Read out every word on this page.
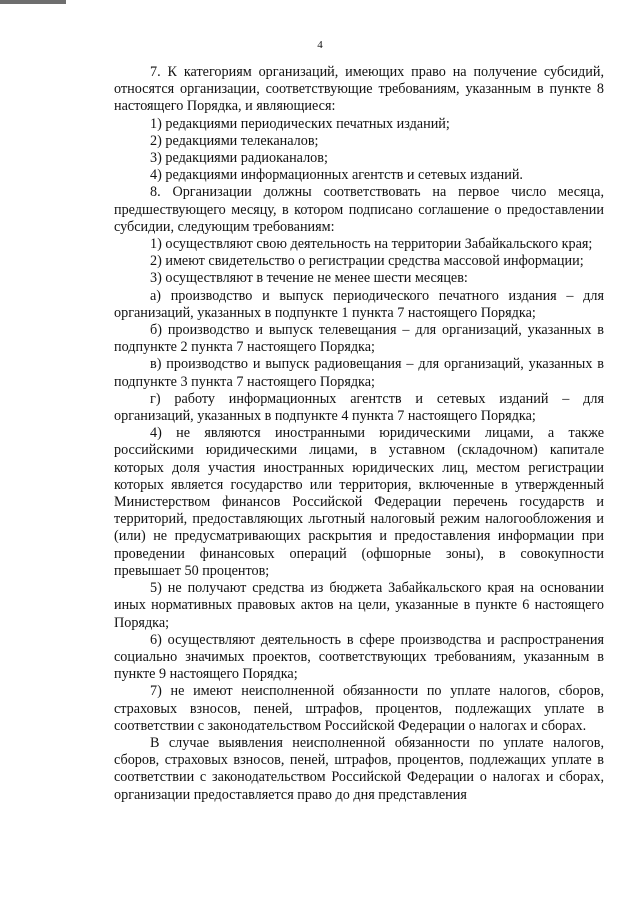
4

7. К категориям организаций, имеющих право на получение субсидий, относятся организации, соответствующие требованиям, указанным в пункте 8 настоящего Порядка, и являющиеся:

1) редакциями периодических печатных изданий;

2) редакциями телеканалов;

3) редакциями радиоканалов;

4) редакциями информационных агентств и сетевых изданий.

8. Организации должны соответствовать на первое число месяца, предшествующего месяцу, в котором подписано соглашение о предоставлении субсидии, следующим требованиям:

1) осуществляют свою деятельность на территории Забайкальского края;

2) имеют свидетельство о регистрации средства массовой информации;

3) осуществляют в течение не менее шести месяцев:

а) производство и выпуск периодического печатного издания – для организаций, указанных в подпункте 1 пункта 7 настоящего Порядка;

б) производство и выпуск телевещания – для организаций, указанных в подпункте 2 пункта 7 настоящего Порядка;

в) производство и выпуск радиовещания – для организаций, указанных в подпункте 3 пункта 7 настоящего Порядка;

г) работу информационных агентств и сетевых изданий – для организаций, указанных в подпункте 4 пункта 7 настоящего Порядка;

4) не являются иностранными юридическими лицами, а также российскими юридическими лицами, в уставном (складочном) капитале которых доля участия иностранных юридических лиц, местом регистрации которых является государство или территория, включенные в утвержденный Министерством финансов Российской Федерации перечень государств и территорий, предоставляющих льготный налоговый режим налогообложения и (или) не предусматривающих раскрытия и предоставления информации при проведении финансовых операций (офшорные зоны), в совокупности превышает 50 процентов;

5) не получают средства из бюджета Забайкальского края на основании иных нормативных правовых актов на цели, указанные в пункте 6 настоящего Порядка;

6) осуществляют деятельность в сфере производства и распространения социально значимых проектов, соответствующих требованиям, указанным в пункте 9 настоящего Порядка;

7) не имеют неисполненной обязанности по уплате налогов, сборов, страховых взносов, пеней, штрафов, процентов, подлежащих уплате в соответствии с законодательством Российской Федерации о налогах и сборах.

В случае выявления неисполненной обязанности по уплате налогов, сборов, страховых взносов, пеней, штрафов, процентов, подлежащих уплате в соответствии с законодательством Российской Федерации о налогах и сборах, организации предоставляется право до дня представления
